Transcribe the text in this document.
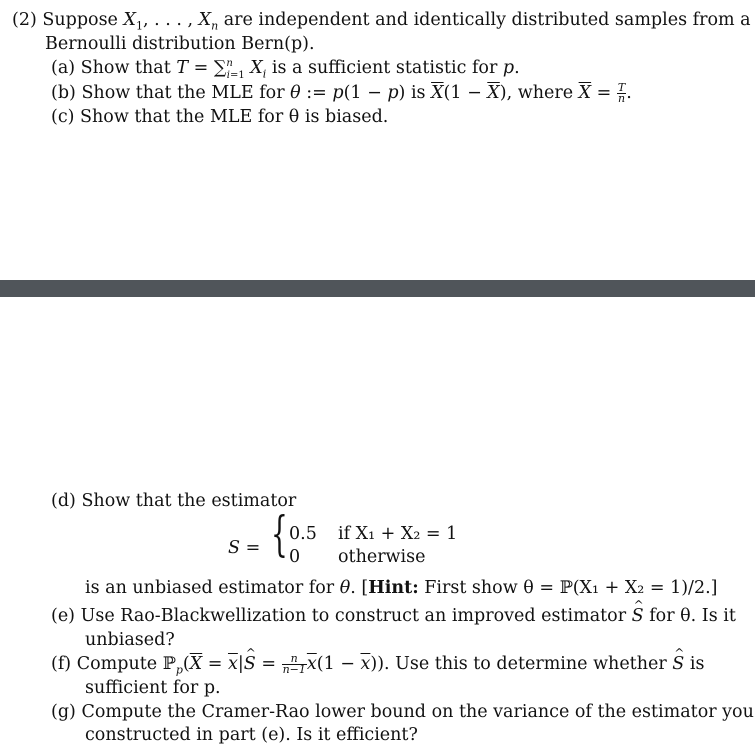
(2) Suppose $X_1$, . . . , $X_n$ are independent and identically distributed samples from a
Bernoulli distribution Bern(p).
(a) Show that T = ∑$^n_{i=1}$ $X_i$ is a sufficient statistic for p.
(b) Show that the MLE for θ := p(1 − p) is $\overline{X}(1 - \overline{X})$, where $\overline{X} = \frac{T}{n}$ .
(c) Show that the MLE for θ is biased.
(d) Show that the estimator
S = { 0.5 if X₁ + X₂ = 1
0 otherwise
is an unbiased estimator for θ. [Hint: First show θ = ℙ(X₁ + X₂ = 1)/2.]
(e) Use Rao-Blackwellization to construct an improved estimator ^ S for θ. Is it
unbiased?
(f) Compute $ℙ_p(\overline{X}$ = $\overline{x}|\^{}$ $S = \frac{n}{n-1} \overline{x}(1 - \overline{x})$). Use this to determine whether ^ S is
sufficient for p.
(g) Compute the Cramer-Rao lower bound on the variance of the estimator you
constructed in part (e). Is it efficient?
